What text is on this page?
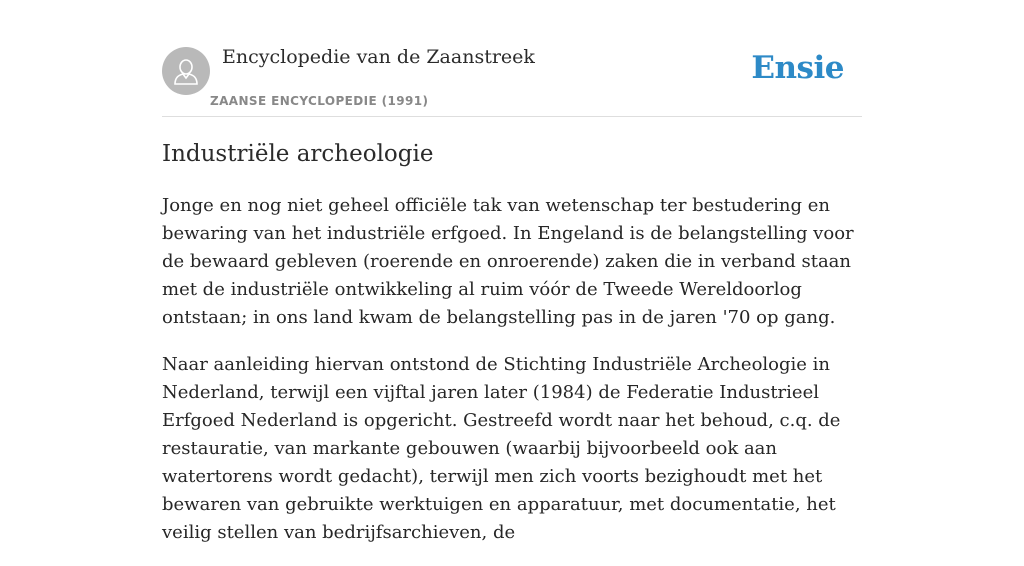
Encyclopedie van de Zaanstreek
ZAANSE ENCYCLOPEDIE (1991)
Ensie
Industriële archeologie

Jonge en nog niet geheel officiële tak van wetenschap ter bestudering en bewaring van het industriële erfgoed. In Engeland is de belangstelling voor de bewaard gebleven (roerende en onroerende) zaken die in verband staan met de industriële ontwikkeling al ruim vóór de Tweede Wereldoorlog ontstaan; in ons land kwam de belangstelling pas in de jaren '70 op gang.

Naar aanleiding hiervan ontstond de Stichting Industriële Archeologie in Nederland, terwijl een vijftal jaren later (1984) de Federatie Industrieel Erfgoed Nederland is opgericht. Gestreefd wordt naar het behoud, c.q. de restauratie, van markante gebouwen (waarbij bijvoorbeeld ook aan watertorens wordt gedacht), terwijl men zich voorts bezighoudt met het bewaren van gebruikte werktuigen en apparatuur, met documentatie, het veilig stellen van bedrijfsarchieven, de
